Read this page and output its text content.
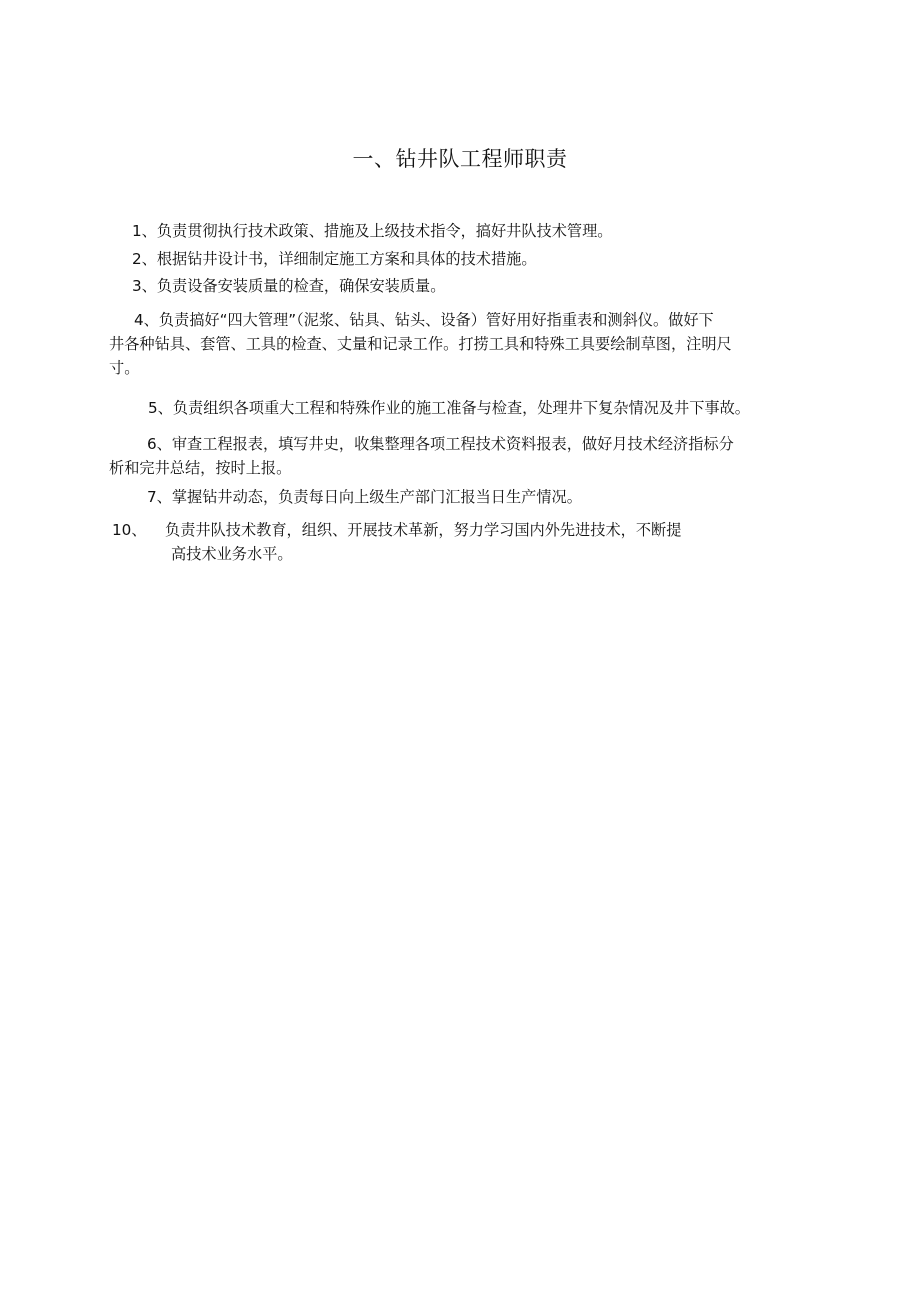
一、钻井队工程师职责
1、负责贯彻执行技术政策、措施及上级技术指令，搞好井队技术管理。
2、根据钻井设计书，详细制定施工方案和具体的技术措施。
3、负责设备安装质量的检查，确保安装质量。
4、负责搞好“四大管理”（泥浆、钻具、钻头、设备）管好用好指重表和测斜仪。做好下
井各种钻具、套管、工具的检查、丈量和记录工作。打捞工具和特殊工具要绘制草图，注明尺
寸。
5、负责组织各项重大工程和特殊作业的施工准备与检查，处理井下复杂情况及井下事故。
6、审查工程报表，填写井史，收集整理各项工程技术资料报表，做好月技术经济指标分
析和完井总结，按时上报。
7、掌握钻井动态，负责每日向上级生产部门汇报当日生产情况。
10、 负责井队技术教育，组织、开展技术革新，努力学习国内外先进技术，不断提
高技术业务水平。
